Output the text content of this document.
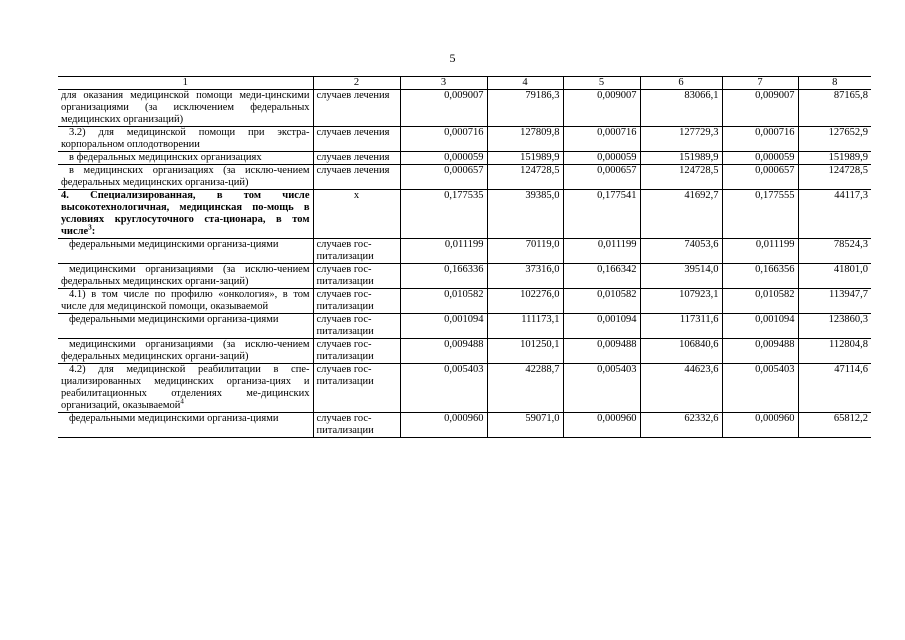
5
1	2	3	4	5	6	7	8
для оказания медицинской помощи меди-цинскими организациями (за исключением федеральных медицинских организаций)	случаев лечения	0,009007	79186,3	0,009007	83066,1	0,009007	87165,8
3.2) для медицинской помощи при экстра-корпоральном оплодотворении	случаев лечения	0,000716	127809,8	0,000716	127729,3	0,000716	127652,9
в федеральных медицинских организациях	случаев лечения	0,000059	151989,9	0,000059	151989,9	0,000059	151989,9
в медицинских организациях (за исклю-чением федеральных медицинских организа-ций)	случаев лечения	0,000657	124728,5	0,000657	124728,5	0,000657	124728,5
4. Специализированная, в том числе высокотехнологичная, медицинская по-мощь в условиях круглосуточного ста-ционара, в том числе$^3$:	х	0,177535	39385,0	0,177541	41692,7	0,177555	44117,3
федеральными медицинскими организа-циями	случаев гос-питализации	0,011199	70119,0	0,011199	74053,6	0,011199	78524,3
медицинскими организациями (за исклю-чением федеральных медицинских органи-заций)	случаев гос-питализации	0,166336	37316,0	0,166342	39514,0	0,166356	41801,0
4.1) в том числе по профилю «онкология», в том числе для медицинской помощи, оказываемой	случаев гос-питализации	0,010582	102276,0	0,010582	107923,1	0,010582	113947,7
федеральными медицинскими организа-циями	случаев гос-питализации	0,001094	111173,1	0,001094	117311,6	0,001094	123860,3
медицинскими организациями (за исклю-чением федеральных медицинских органи-заций)	случаев гос-питализации	0,009488	101250,1	0,009488	106840,6	0,009488	112804,8
4.2) для медицинской реабилитации в спе-циализированных медицинских организа-циях и реабилитационных отделениях ме-дицинских организаций, оказываемой$^4$	случаев гос-питализации	0,005403	42288,7	0,005403	44623,6	0,005403	47114,6
федеральными медицинскими организа-циями	случаев гос-питализации	0,000960	59071,0	0,000960	62332,6	0,000960	65812,2
